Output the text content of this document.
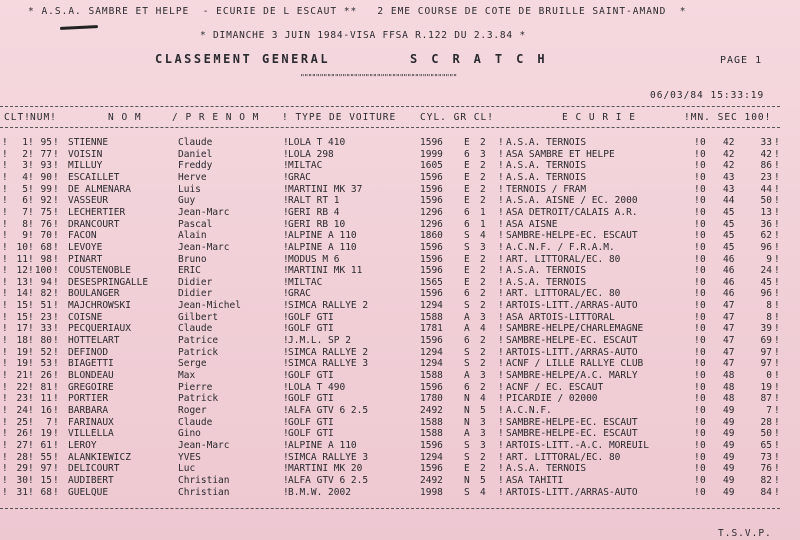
* A.S.A. SAMBRE ET HELPE  - ECURIE DE L ESCAUT **   2 EME COURSE DE COTE DE BRUILLE SAINT-AMAND  *
* DIMANCHE 3 JUIN 1984-VISA FFSA R.122 DU 2.3.84 *
CLASSEMENT GENERAL	SCRATCH	PAGE 1
"""""""""""""""""""""""""""""""""""""""""
06/03/84 15:33:19
CLT! NUM!	N O M	/ P R E N O M ! TYPE DE VOITURE	CYL. GR CL!	E C U R I E	!MN. SEC 100!
1	95 STIENNE	Claude	LOLA T 410	1596 E 2 A.S.A. TERNOIS	0 42	33
! ! !	!	!	!	!
2	77 VOISIN	Daniel	LOLA 298	1999 6 3 ASA SAMBRE ET HELPE	0 42	42
! ! !	!	!	!	!
3	93 MILLUY	Freddy	MILTAC	1605 E 2 A.S.A. TERNOIS	0 42	86
! ! !	!	!	!	!
4	90 ESCAILLET	Herve	GRAC	1596 E 2 A.S.A. TERNOIS	0 43	23
! ! !	!	!	!	!
5	99 DE ALMENARA	Luis	MARTINI MK 37	1596 E 2 TERNOIS / FRAM	0 43	44
! ! !	!	!	!	!
6	92 VASSEUR	Guy	RALT RT 1	1596 E 2 A.S.A. AISNE / EC. 2000	0 44	50
! ! !	!	!	!	!
7	75 LECHERTIER	Jean-Marc	GERI RB 4	1296 6 1 ASA DETROIT/CALAIS A.R.	0 45	13
! ! !	!	!	!	!
8	76 DRANCOURT	Pascal	GERI RB 10	1296 6 1 ASA AISNE	0 45	36
! ! !	!	!	!	!
9	70 FACON	Alain	ALPINE A 110	1860 S 4 SAMBRE-HELPE-EC. ESCAUT	0 45	62
! ! !	!	!	!	!
10	68 LEVOYE	Jean-Marc	ALPINE A 110	1596 S 3 A.C.N.F. / F.R.A.M.	0 45	96
! ! !	!	!	!	!
11	98 PINART	Bruno	MODUS M 6	1596 E 2 ART. LITTORAL/EC. 80	0 46	9
! ! !	!	!	!	!
12 100 COUSTENOBLE	ERIC	MARTINI MK 11	1596 E 2 A.S.A. TERNOIS	0 46	24
! ! !	!	!	!	!
13	94 DESESPRINGALLE	Didier	MILTAC	1565 E 2 A.S.A. TERNOIS	0 46	45
! ! !	!	!	!	!
14	82 BOULANGER	Didier	GRAC	1596 6 2 ART. LITTORAL/EC. 80	0 46	96
! ! !	!	!	!	!
15	51 MAJCHROWSKI	Jean-Michel	SIMCA RALLYE 2	1294 S 2 ARTOIS-LITT./ARRAS-AUTO	0 47	8
! ! !	!	!	!	!
15	23 COISNE	Gilbert	GOLF GTI	1588 A 3 ASA ARTOIS-LITTORAL	0 47	8
! ! !	!	!	!	!
17	33 PECQUERIAUX	Claude	GOLF GTI	1781 A 4 SAMBRE-HELPE/CHARLEMAGNE	0 47	39
! ! !	!	!	!	!
18	80 HOTTELART	Patrice	J.M.L. SP 2	1596 6 2 SAMBRE-HELPE-EC. ESCAUT	0 47	69
! ! !	!	!	!	!
19	52 DEFINOD	Patrick	SIMCA RALLYE 2	1294 S 2 ARTOIS-LITT./ARRAS-AUTO	0 47	97
! ! !	!	!	!	!
19	53 BIAGETTI	Serge	SIMCA RALLYE 3	1294 S 2 ACNF / LILLE RALLYE CLUB	0 47	97
! ! !	!	!	!	!
21	26 BLONDEAU	Max	GOLF GTI	1588 A 3 SAMBRE-HELPE/A.C. MARLY	0 48	0
! ! !	!	!	!	!
22	81 GREGOIRE	Pierre	LOLA T 490	1596 6 2 ACNF / EC. ESCAUT	0 48	19
! ! !	!	!	!	!
23	11 PORTIER	Patrick	GOLF GTI	1780 N 4 PICARDIE / 02000	0 48	87
! ! !	!	!	!	!
24	16 BARBARA	Roger	ALFA GTV 6 2.5	2492 N 5 A.C.N.F.	0 49	7
! ! !	!	!	!	!
25	7 FARINAUX	Claude	GOLF GTI	1588 N 3 SAMBRE-HELPE-EC. ESCAUT	0 49	28
! ! !	!	!	!	!
26	19 VILLELLA	Gino	GOLF GTI	1588 A 3 SAMBRE-HELPE-EC. ESCAUT	0 49	50
! ! !	!	!	!	!
27	61 LEROY	Jean-Marc	ALPINE A 110	1596 S 3 ARTOIS-LITT.-A.C. MOREUIL	0 49	65
! ! !	!	!	!	!
28	55 ALANKIEWICZ	YVES	SIMCA RALLYE 3	1294 S 2 ART. LITTORAL/EC. 80	0 49	73
! ! !	!	!	!	!
29	97 DELICOURT	Luc	MARTINI MK 20	1596 E 2 A.S.A. TERNOIS	0 49	76
! ! !	!	!	!	!
30	15 AUDIBERT	Christian	ALFA GTV 6 2.5	2492 N 5 ASA TAHITI	0 49	82
! ! !	!	!	!	!
31	68 GUELQUE	Christian	B.M.W. 2002	1998 S 4 ARTOIS-LITT./ARRAS-AUTO	0 49	84
! ! !	!	!	!	!
T.S.V.P.
